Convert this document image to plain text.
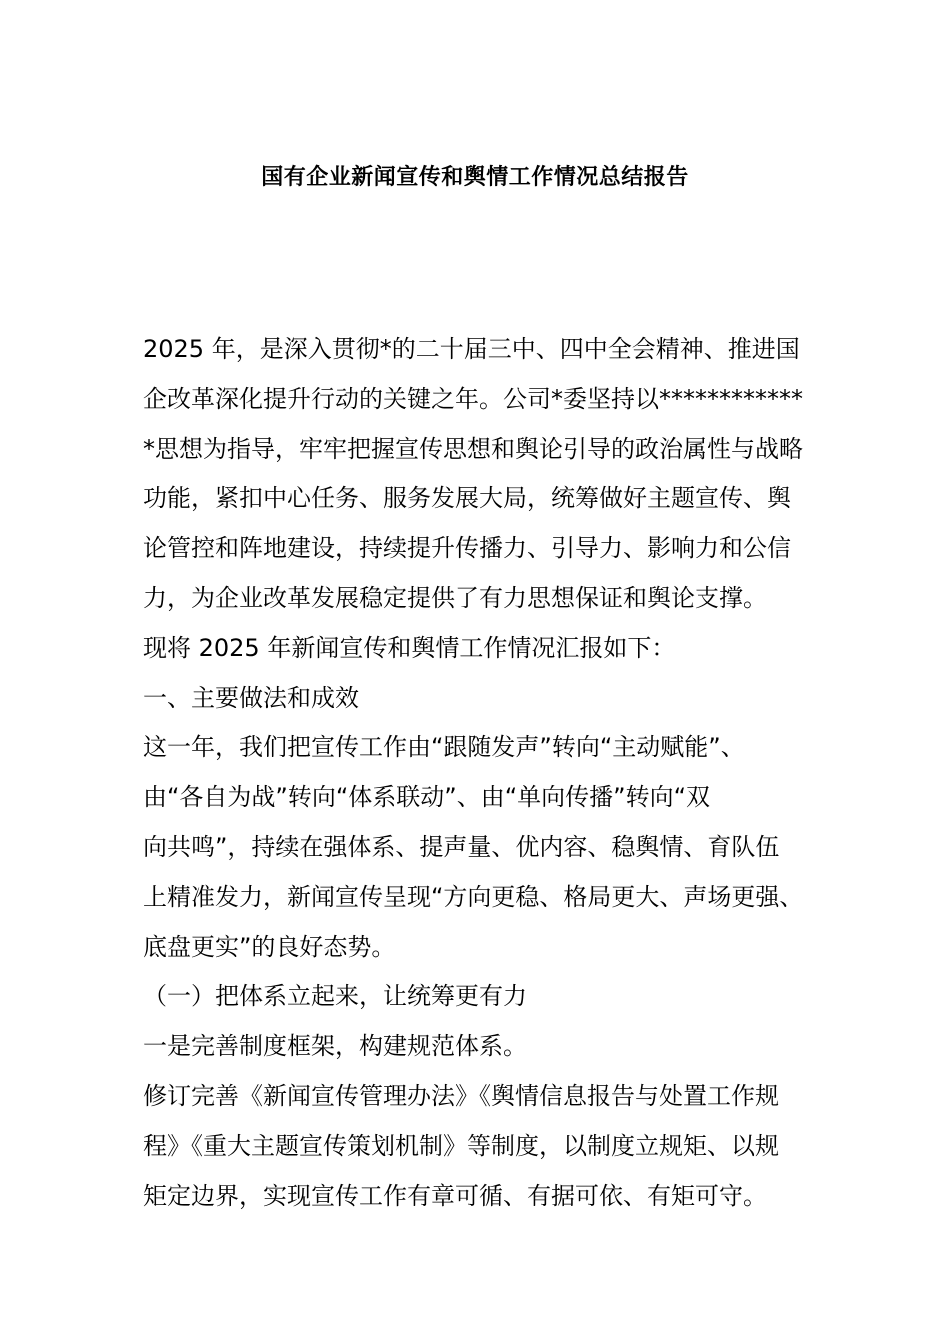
国有企业新闻宣传和舆情工作情况总结报告
2025 年，是深入贯彻*的二十届三中、四中全会精神、推进国
企改革深化提升行动的关键之年。公司*委坚持以************
*思想为指导，牢牢把握宣传思想和舆论引导的政治属性与战略
功能，紧扣中心任务、服务发展大局，统筹做好主题宣传、舆
论管控和阵地建设，持续提升传播力、引导力、影响力和公信
力，为企业改革发展稳定提供了有力思想保证和舆论支撑。
现将 2025 年新闻宣传和舆情工作情况汇报如下：
一、主要做法和成效
这一年，我们把宣传工作由“跟随发声”转向“主动赋能”、
由“各自为战”转向“体系联动”、由“单向传播”转向“双
向共鸣”，持续在强体系、提声量、优内容、稳舆情、育队伍
上精准发力，新闻宣传呈现“方向更稳、格局更大、声场更强、
底盘更实”的良好态势。
（一）把体系立起来，让统筹更有力
一是完善制度框架，构建规范体系。
修订完善《新闻宣传管理办法》《舆情信息报告与处置工作规
程》《重大主题宣传策划机制》等制度，以制度立规矩、以规
矩定边界，实现宣传工作有章可循、有据可依、有矩可守。
